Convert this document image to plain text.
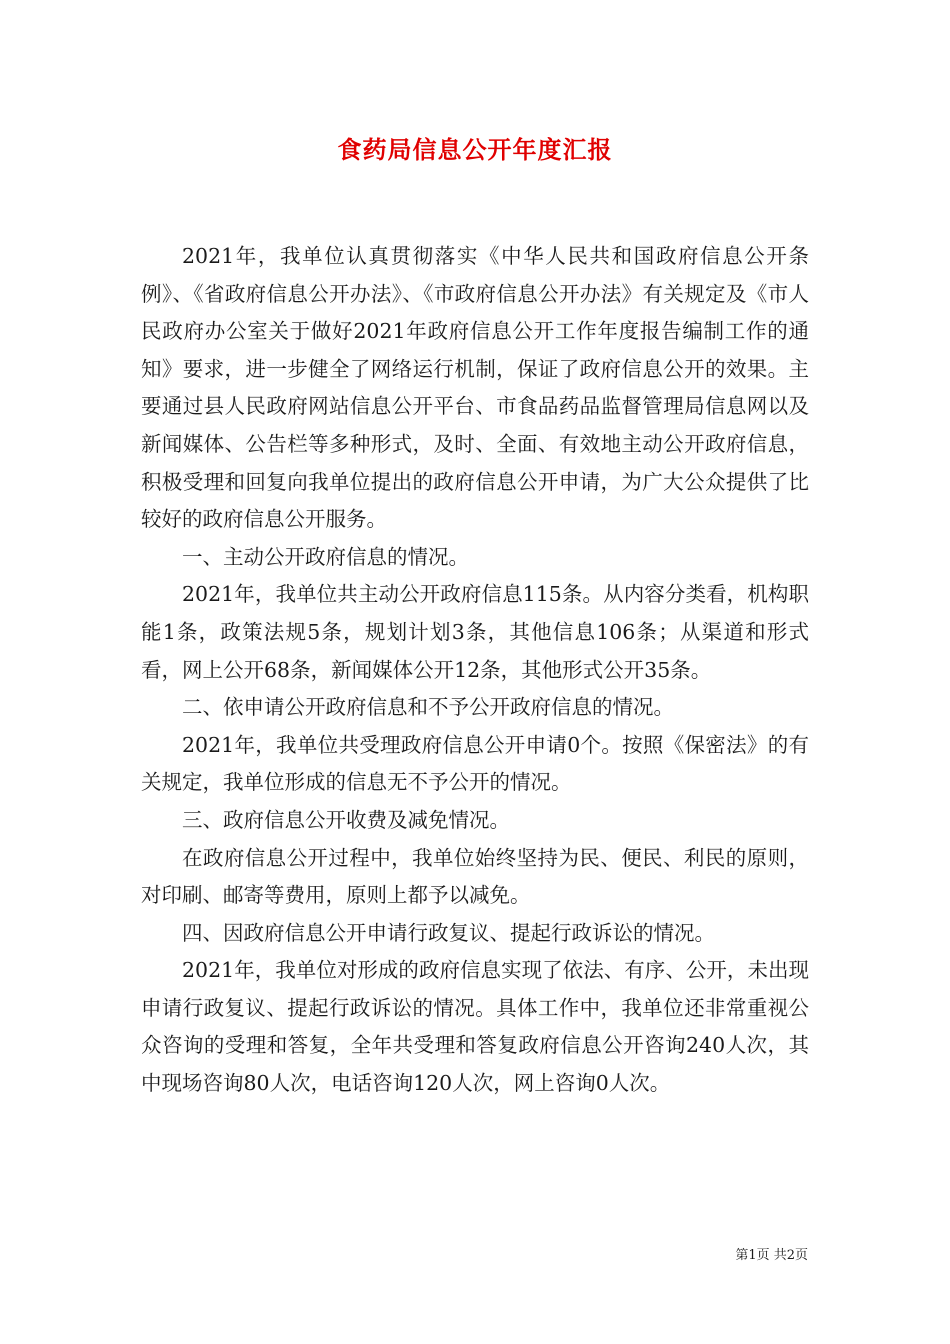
食药局信息公开年度汇报

2021年，我单位认真贯彻落实《中华人民共和国政府信息公开条例》、《省政府信息公开办法》、《市政府信息公开办法》有关规定及《市人民政府办公室关于做好2021年政府信息公开工作年度报告编制工作的通知》要求，进一步健全了网络运行机制，保证了政府信息公开的效果。主要通过县人民政府网站信息公开平台、市食品药品监督管理局信息网以及新闻媒体、公告栏等多种形式，及时、全面、有效地主动公开政府信息，积极受理和回复向我单位提出的政府信息公开申请，为广大公众提供了比较好的政府信息公开服务。

一、主动公开政府信息的情况。

2021年，我单位共主动公开政府信息115条。从内容分类看，机构职能1条，政策法规5条，规划计划3条，其他信息106条；从渠道和形式看，网上公开68条，新闻媒体公开12条，其他形式公开35条。

二、依申请公开政府信息和不予公开政府信息的情况。

2021年，我单位共受理政府信息公开申请0个。按照《保密法》的有关规定，我单位形成的信息无不予公开的情况。

三、政府信息公开收费及减免情况。

在政府信息公开过程中，我单位始终坚持为民、便民、利民的原则，对印刷、邮寄等费用，原则上都予以减免。

四、因政府信息公开申请行政复议、提起行政诉讼的情况。

2021年，我单位对形成的政府信息实现了依法、有序、公开，未出现申请行政复议、提起行政诉讼的情况。具体工作中，我单位还非常重视公众咨询的受理和答复，全年共受理和答复政府信息公开咨询240人次，其中现场咨询80人次，电话咨询120人次，网上咨询0人次。

第1页 共2页
